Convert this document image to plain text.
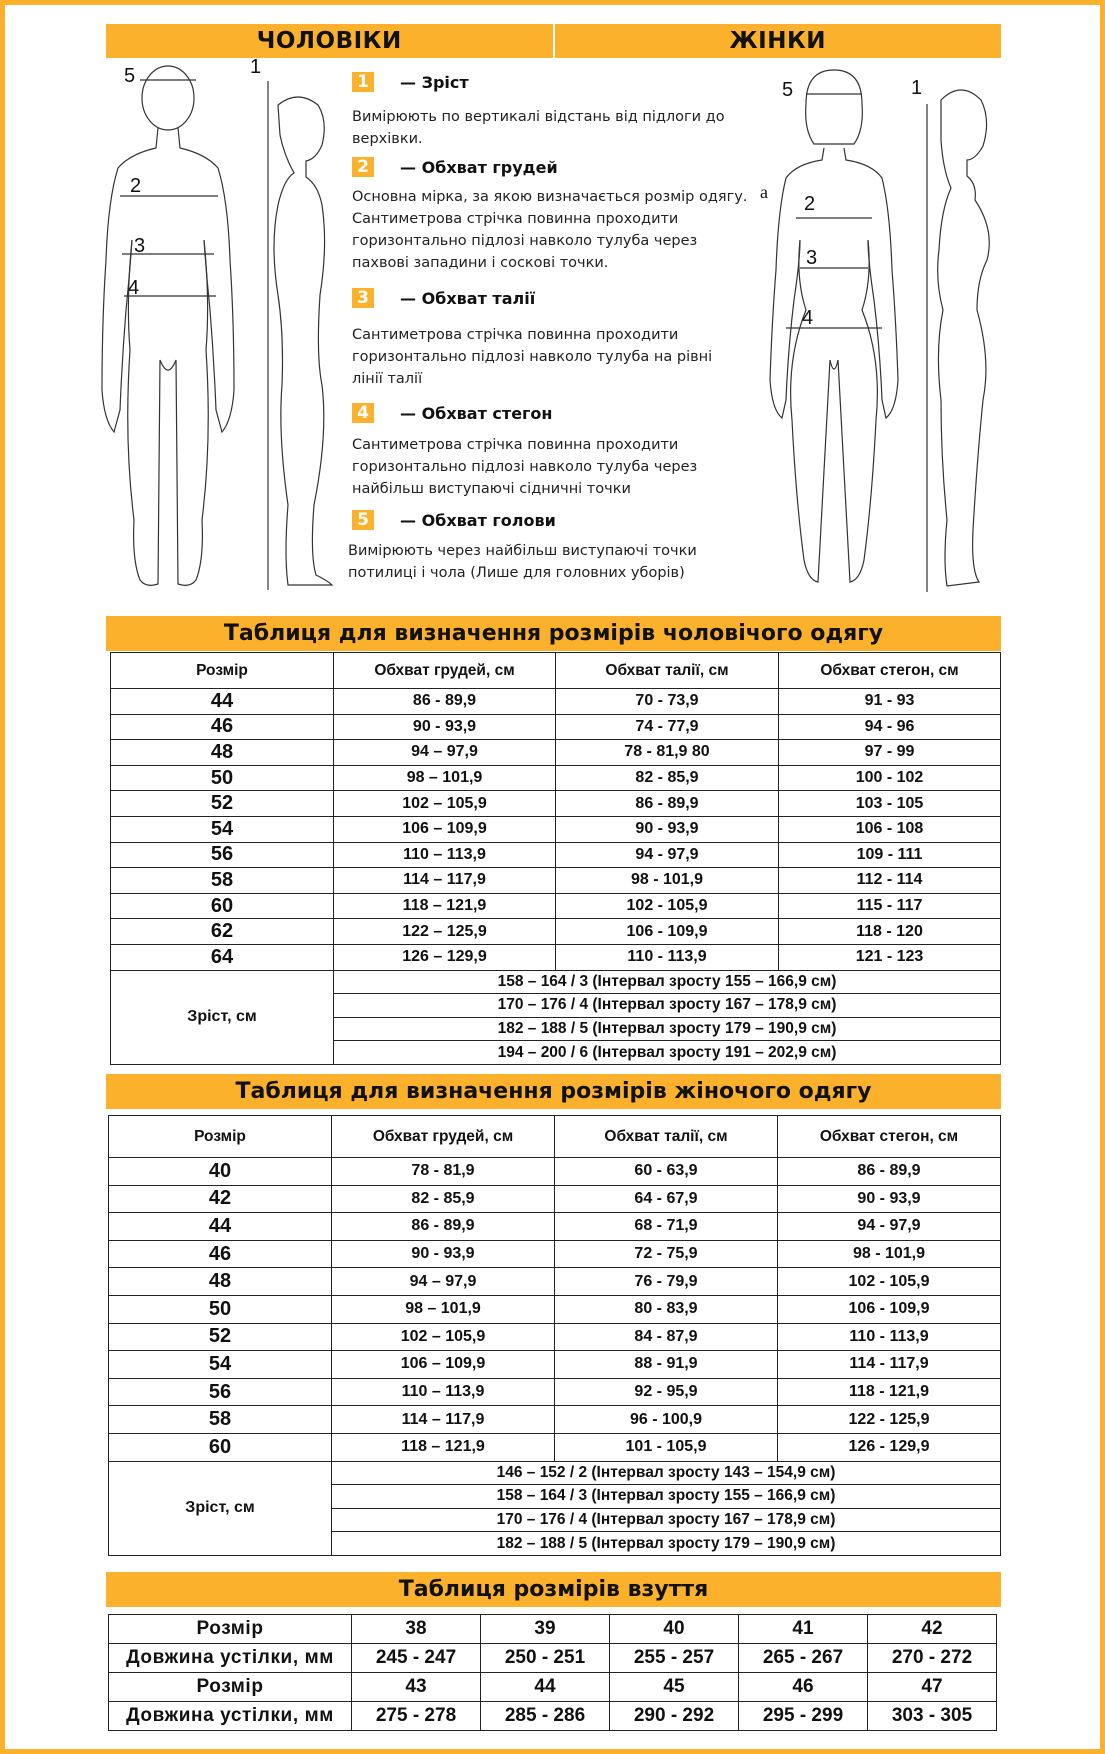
ЧОЛОВІКИ	ЖІНКИ
5
2
3
4
1
1	— Зріст
Вимірюють по вертикалі відстань від підлоги до верхівки.
2	— Обхват грудей
Основна мірка, за якою визначається розмір одягу. Сантиметрова стрічка повинна проходити горизонтально підлозі навколо тулуба через пахвові западини і соскові точки.
3	— Обхват талії
Сантиметрова стрічка повинна проходити горизонтально підлозі навколо тулуба на рівні лінії талії
4	— Обхват стегон
Сантиметрова стрічка повинна проходити горизонтально підлозі навколо тулуба через найбільш виступаючі сідничні точки
5	— Обхват голови
Вимірюють через найбільш виступаючі точки потилиці і чола (Лише для головних уборів)
5
2
3
4
a
1
Таблиця для визначення розмірів чоловічого одягу
Розмір	Обхват грудей, см	Обхват талії, см	Обхват стегон, см
44	86 - 89,9	70 - 73,9	91 - 93
46	90 - 93,9	74 - 77,9	94 - 96
48	94 – 97,9	78 - 81,9 80	97 - 99
50	98 – 101,9	82 - 85,9	100 - 102
52	102 – 105,9	86 - 89,9	103 - 105
54	106 – 109,9	90 - 93,9	106 - 108
56	110 – 113,9	94 - 97,9	109 - 111
58	114 – 117,9	98 - 101,9	112 - 114
60	118 – 121,9	102 - 105,9	115 - 117
62	122 – 125,9	106 - 109,9	118 - 120
64	126 – 129,9	110 - 113,9	121 - 123
Зріст, см	158 – 164 / 3 (Інтервал зросту 155 – 166,9 см)		
	170 – 176 / 4 (Інтервал зросту 167 – 178,9 см)		
	182 – 188 / 5 (Інтервал зросту 179 – 190,9 см)		
	194 – 200 / 6 (Інтервал зросту 191 – 202,9 см)		
Таблиця для визначення розмірів жіночого одягу
Розмір	Обхват грудей, см	Обхват талії, см	Обхват стегон, см
40	78 - 81,9	60 - 63,9	86 - 89,9
42	82 - 85,9	64 - 67,9	90 - 93,9
44	86 - 89,9	68 - 71,9	94 - 97,9
46	90 - 93,9	72 - 75,9	98 - 101,9
48	94 – 97,9	76 - 79,9	102 - 105,9
50	98 – 101,9	80 - 83,9	106 - 109,9
52	102 – 105,9	84 - 87,9	110 - 113,9
54	106 – 109,9	88 - 91,9	114 - 117,9
56	110 – 113,9	92 - 95,9	118 - 121,9
58	114 – 117,9	96 - 100,9	122 - 125,9
60	118 – 121,9	101 - 105,9	126 - 129,9
Зріст, см	146 – 152 / 2 (Інтервал зросту 143 – 154,9 см)		
	158 – 164 / 3 (Інтервал зросту 155 – 166,9 см)		
	170 – 176 / 4 (Інтервал зросту 167 – 178,9 см)		
	182 – 188 / 5 (Інтервал зросту 179 – 190,9 см)		
Таблиця розмірів взуття
Розмір	38	39	40	41	42
Довжина устілки, мм	245 - 247	250 - 251	255 - 257	265 - 267	270 - 272
Розмір	43	44	45	46	47
Довжина устілки, мм	275 - 278	285 - 286	290 - 292	295 - 299	303 - 305
